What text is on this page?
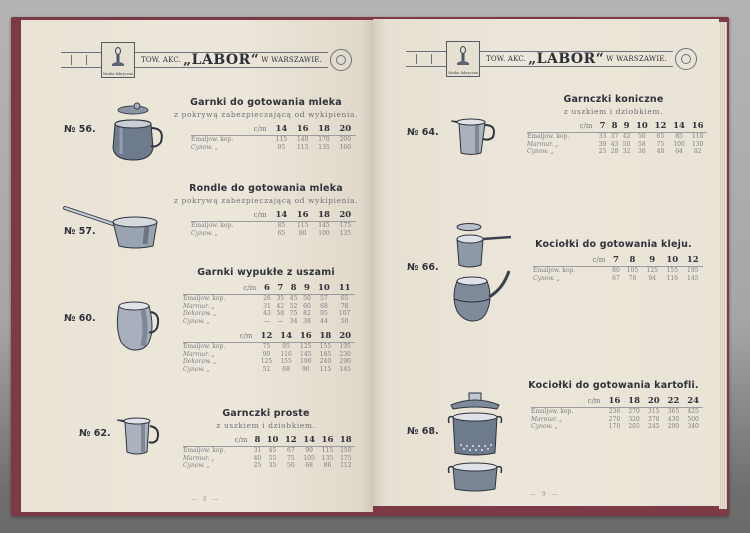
Marka fabryczna
TOW. AKC. „LABOR“ W WARSZAWIE.
№ 56.
Garnki do gotowania mleka
z pokrywą zabezpieczającą od wykipienia.
c/m	14	16	18	20
Emaljow. kop.	115	140	170	200
Cynow. „	95	115	135	160
№ 57.
Rondle do gotowania mleka
z pokrywą zabezpieczającą od wykipienia.
c/m	14	16	18	20
Emaljow. kop.	85	115	145	175
Cynow. „	65	80	100	135
№ 60.
Garnki wypukłe z uszami
c/m	6	7	8	9	10	11
Emaljow. kop.	26	35	45	50	57	65
Marmur. „	31	42	52	60	68	78
Dekoraw. „	43	58	75	82	95	107
Cynow. „	—	—	34	38	44	50
c/m	12	14	16	18	20
Emaljow. kop.	75	95	125	155	195
Marmur. „	90	116	145	185	230
Dekoraw. „	125	155	190	240	290
Cynow. „	52	68	90	115	145
№ 62.
Garnczki proste
z uszkiem i dziobkiem.
c/m	8	10	12	14	16	18
Emaljow. kop.	31	45	67	90	115	150
Marmur. „	40	55	75	105	135	175
Cynow. „	25	35	50	68	86	112
— 8 —
Marka fabryczna
TOW. AKC. „LABOR“ W WARSZAWIE.
№ 64.
Garnczki koniczne
z uszkiem i dziobkiem.
c/m	7	8	9	10	12	14	16
Emaljow. kop.	33	37	42	50	65	85	110
Marmur. „	39	43	50	58	75	100	130
Cynow. „	25	28	32	38	48	64	82
№ 66.
Kociołki do gotowania kleju.
c/m	7	8	9	10	12
Emaljow. kop.	80	105	125	155	195
Cynow. „	67	78	94	116	145
№ 68.
Kociołki do gotowania kartofli.
c/m	16	18	20	22	24
Emaljow. kop.	236	270	315	365	425
Marmur. „	270	320	370	430	500
Cynow. „	170	205	245	290	340
— 9 —
